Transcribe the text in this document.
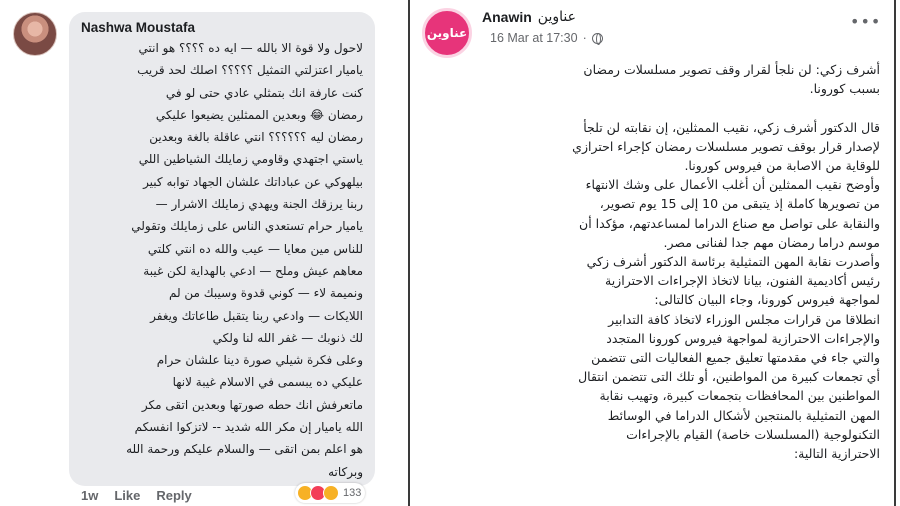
Nashwa Moustafa
لاحول ولا قوة الا بالله — ايه ده ؟؟؟؟ هو انتي
ياميار اعتزلتي التمثيل ؟؟؟؟؟ اصلك لحد قريب
كنت عارفة انك بتمثلي عادي حتى لو في
رمضان 😂 وبعدين الممثلين يضيعوا عليكي
رمضان ليه ؟؟؟؟؟؟ انتي عاقلة بالغة وبعدين
ياستي اجتهدي وقاومي زمايلك الشياطين اللي
بيلهوكي عن عباداتك علشان الجهاد توابه كبير
ربنا يرزقك الجنة ويهدي زمايلك الاشرار —
ياميار حرام تستعدي الناس على زمايلك وتقولي
للناس مين معايا — عيب والله ده انتي كلتي
معاهم عيش وملح — ادعي بالهداية لكن غيبة
ونميمة لاء — كوني قدوة وسيبك من لم
اللايكات — وادعي ربنا يتقبل طاعاتك ويغفر
لك ذنوبك — غفر الله لنا ولكي
وعلى فكرة شيلي صورة دينا علشان حرام
عليكي ده يبسمى في الاسلام غيبة لانها
ماتعرفش انك حطه صورتها وبعدين اتقى مكر
الله ياميار إن مكر الله شديد -- لاتزكوا انفسكم
هو اعلم بمن اتقى — والسلام عليكم ورحمة الله
وبركاته
1w Like Reply	133
عناوين
Anawin عناوين
16 Mar at 17:30 ·
•••
أشرف زكي: لن نلجأ لقرار وقف تصوير مسلسلات رمضان
بسبب كورونا.
قال الدكتور أشرف زكي، نقيب الممثلين، إن نقابته لن تلجأ
لإصدار قرار بوقف تصوير مسلسلات رمضان كإجراء احترازي
للوقاية من الاصابة من فيروس كورونا.
وأوضح نقيب الممثلين أن أغلب الأعمال على وشك الانتهاء
من تصويرها كاملة إذ يتبقى من 10 إلى 15 يوم تصوير،
والنقابة على تواصل مع صناع الدراما لمساعدتهم، مؤكدا أن
موسم دراما رمضان مهم جدا لفنانى مصر.
وأصدرت نقابة المهن التمثيلية برئاسة الدكتور أشرف زكي
رئيس أكاديمية الفنون، بيانا لاتخاذ الإجراءات الاحترازية
لمواجهة فيروس كورونا، وجاء البيان كالتالى:
انطلاقا من قرارات مجلس الوزراء لاتخاذ كافة التدابير
والإجراءات الاحترازية لمواجهة فيروس كورونا المتجدد
والتي جاء في مقدمتها تعليق جميع الفعاليات التى تتضمن
أي تجمعات كبيرة من المواطنين، أو تلك التى تتضمن انتقال
المواطنين بين المحافظات بتجمعات كبيرة، وتهيب نقابة
المهن التمثيلية بالمنتجين لأشكال الدراما في الوسائط
التكنولوجية (المسلسلات خاصة) القيام بالإجراءات
الاحترازية التالية:
